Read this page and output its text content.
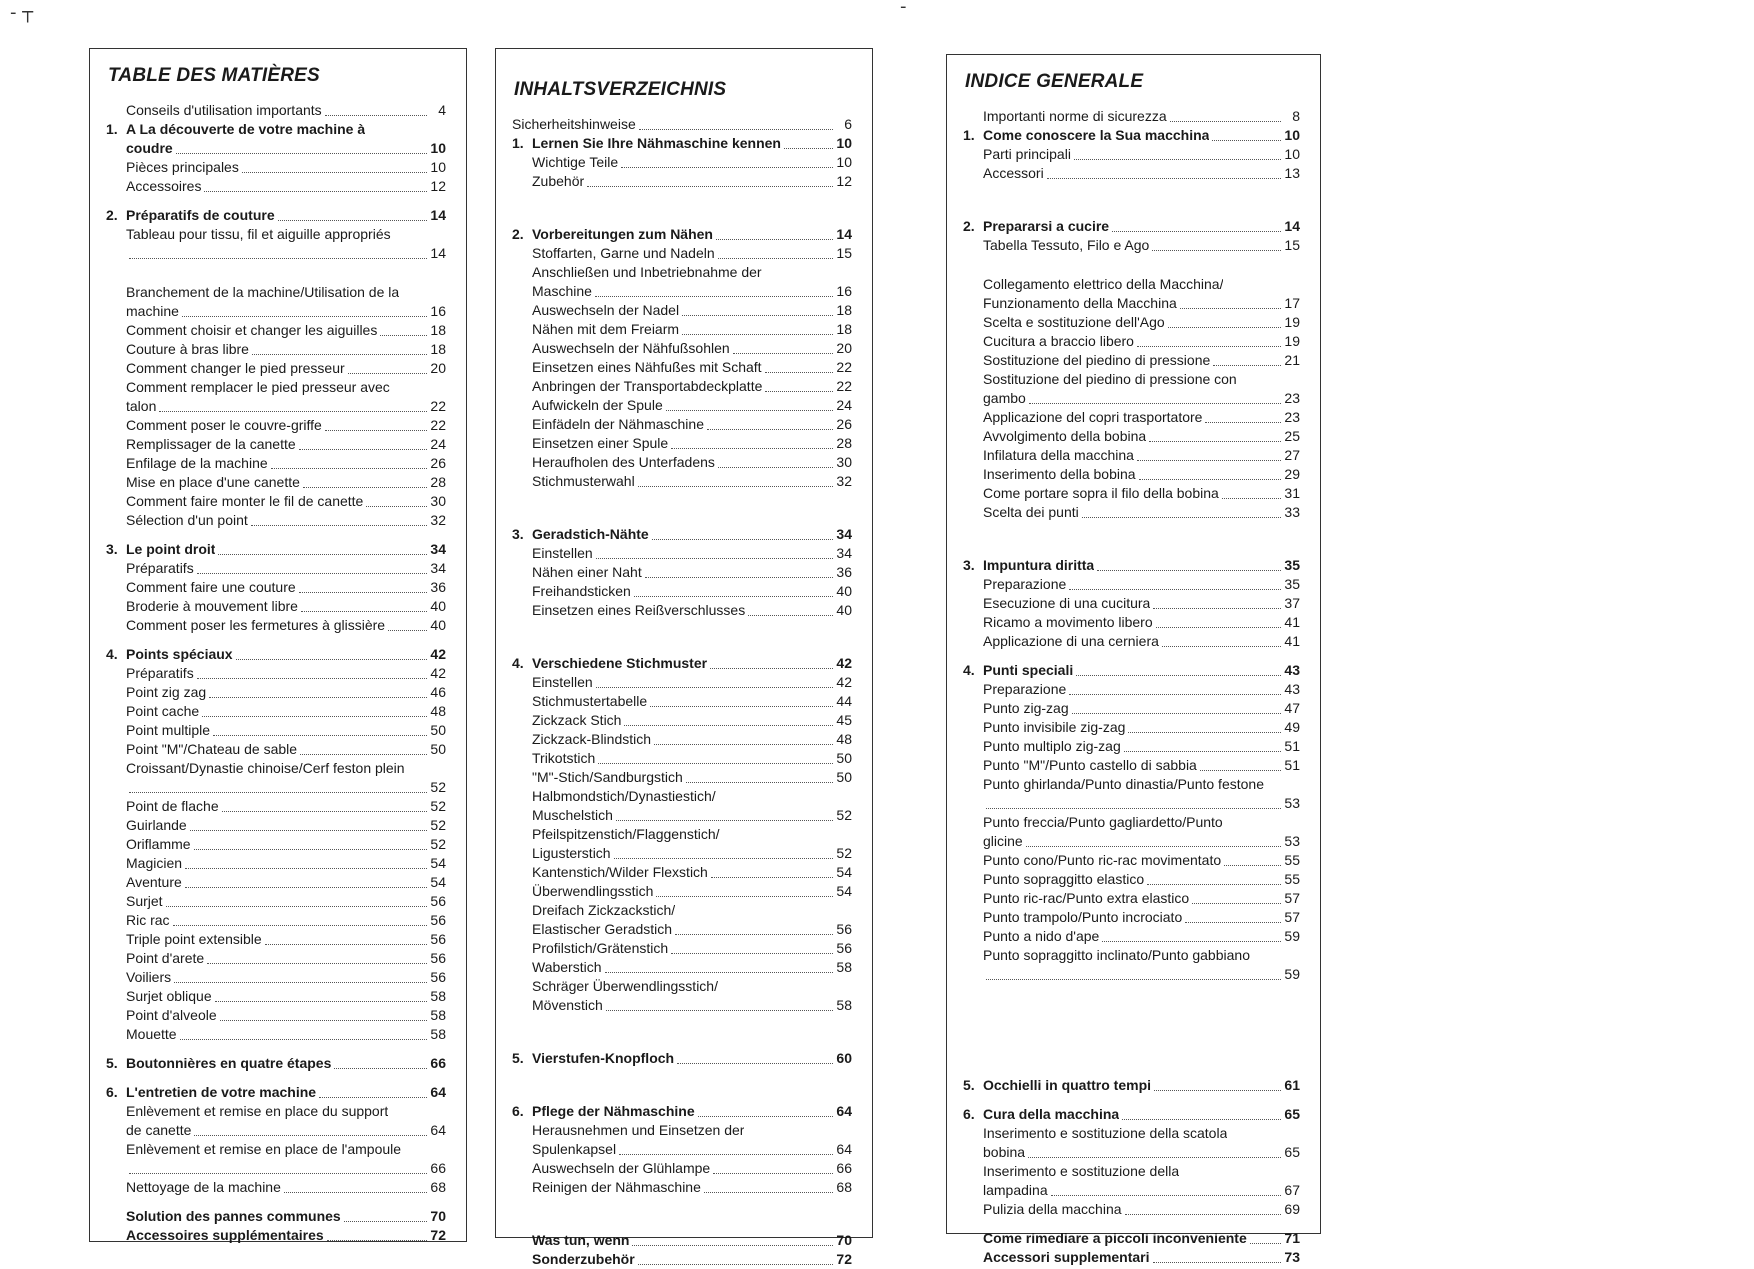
- ┬	-
TABLE DES MATIÈRES
Conseils d'utilisation importants	4
1. A La découverte de votre machine à
coudre	10
Pièces principales	10
Accessoires	12
2. Préparatifs de couture	14
Tableau pour tissu, fil et aiguille appropriés
14
Branchement de la machine/Utilisation de la
machine	16
Comment choisir et changer les aiguilles	18
Couture à bras libre	18
Comment changer le pied presseur	20
Comment remplacer le pied presseur avec
talon	22
Comment poser le couvre-griffe	22
Remplissager de la canette	24
Enfilage de la machine	26
Mise en place d'une canette	28
Comment faire monter le fil de canette	30
Sélection d'un point	32
3. Le point droit	34
Préparatifs	34
Comment faire une couture	36
Broderie à mouvement libre	40
Comment poser les fermetures à glissière	40
4. Points spéciaux	42
Préparatifs	42
Point zig zag	46
Point cache	48
Point multiple	50
Point "M"/Chateau de sable	50
Croissant/Dynastie chinoise/Cerf feston plein
52
Point de flache	52
Guirlande	52
Oriflamme	52
Magicien	54
Aventure	54
Surjet	56
Ric rac	56
Triple point extensible	56
Point d'arete	56
Voiliers	56
Surjet oblique	58
Point d'alveole	58
Mouette	58
5. Boutonnières en quatre étapes	66
6. L'entretien de votre machine	64
Enlèvement et remise en place du support
de canette	64
Enlèvement et remise en place de l'ampoule
66
Nettoyage de la machine	68
Solution des pannes communes	70
Accessoires supplémentaires	72
INHALTSVERZEICHNIS
Sicherheitshinweise	6
1. Lernen Sie Ihre Nähmaschine kennen	10
Wichtige Teile	10
Zubehör	12
2. Vorbereitungen zum Nähen	14
Stoffarten, Garne und Nadeln	15
Anschließen und Inbetriebnahme der
Maschine	16
Auswechseln der Nadel	18
Nähen mit dem Freiarm	18
Auswechseln der Nähfußsohlen	20
Einsetzen eines Nähfußes mit Schaft	22
Anbringen der Transportabdeckplatte	22
Aufwickeln der Spule	24
Einfädeln der Nähmaschine	26
Einsetzen einer Spule	28
Heraufholen des Unterfadens	30
Stichmusterwahl	32
3. Geradstich-Nähte	34
Einstellen	34
Nähen einer Naht	36
Freihandsticken	40
Einsetzen eines Reißverschlusses	40
4. Verschiedene Stichmuster	42
Einstellen	42
Stichmustertabelle	44
Zickzack Stich	45
Zickzack-Blindstich	48
Trikotstich	50
"M"-Stich/Sandburgstich	50
Halbmondstich/Dynastiestich/
Muschelstich	52
Pfeilspitzenstich/Flaggenstich/
Ligusterstich	52
Kantenstich/Wilder Flexstich	54
Überwendlingsstich	54
Dreifach Zickzackstich/
Elastischer Geradstich	56
Profilstich/Grätenstich	56
Waberstich	58
Schräger Überwendlingsstich/
Mövenstich	58
5. Vierstufen-Knopfloch	60
6. Pflege der Nähmaschine	64
Herausnehmen und Einsetzen der
Spulenkapsel	64
Auswechseln der Glühlampe	66
Reinigen der Nähmaschine	68
Was tun, wenn	70
Sonderzubehör	72
INDICE GENERALE
Importanti norme di sicurezza	8
1. Come conoscere la Sua macchina	10
Parti principali	10
Accessori	13
2. Prepararsi a cucire	14
Tabella Tessuto, Filo e Ago	15
Collegamento elettrico della Macchina/
Funzionamento della Macchina	17
Scelta e sostituzione dell'Ago	19
Cucitura a braccio libero	19
Sostituzione del piedino di pressione	21
Sostituzione del piedino di pressione con
gambo	23
Applicazione del copri trasportatore	23
Avvolgimento della bobina	25
Infilatura della macchina	27
Inserimento della bobina	29
Come portare sopra il filo della bobina	31
Scelta dei punti	33
3. Impuntura diritta	35
Preparazione	35
Esecuzione di una cucitura	37
Ricamo a movimento libero	41
Applicazione di una cerniera	41
4. Punti speciali	43
Preparazione	43
Punto zig-zag	47
Punto invisibile zig-zag	49
Punto multiplo zig-zag	51
Punto "M"/Punto castello di sabbia	51
Punto ghirlanda/Punto dinastia/Punto festone
53
Punto freccia/Punto gagliardetto/Punto
glicine	53
Punto cono/Punto ric-rac movimentato	55
Punto sopraggitto elastico	55
Punto ric-rac/Punto extra elastico	57
Punto trampolo/Punto incrociato	57
Punto a nido d'ape	59
Punto sopraggitto inclinato/Punto gabbiano
59
5. Occhielli in quattro tempi	61
6. Cura della macchina	65
Inserimento e sostituzione della scatola
bobina	65
Inserimento e sostituzione della
lampadina	67
Pulizia della macchina	69
Come rimediare a piccoli inconveniente	71
Accessori supplementari	73
